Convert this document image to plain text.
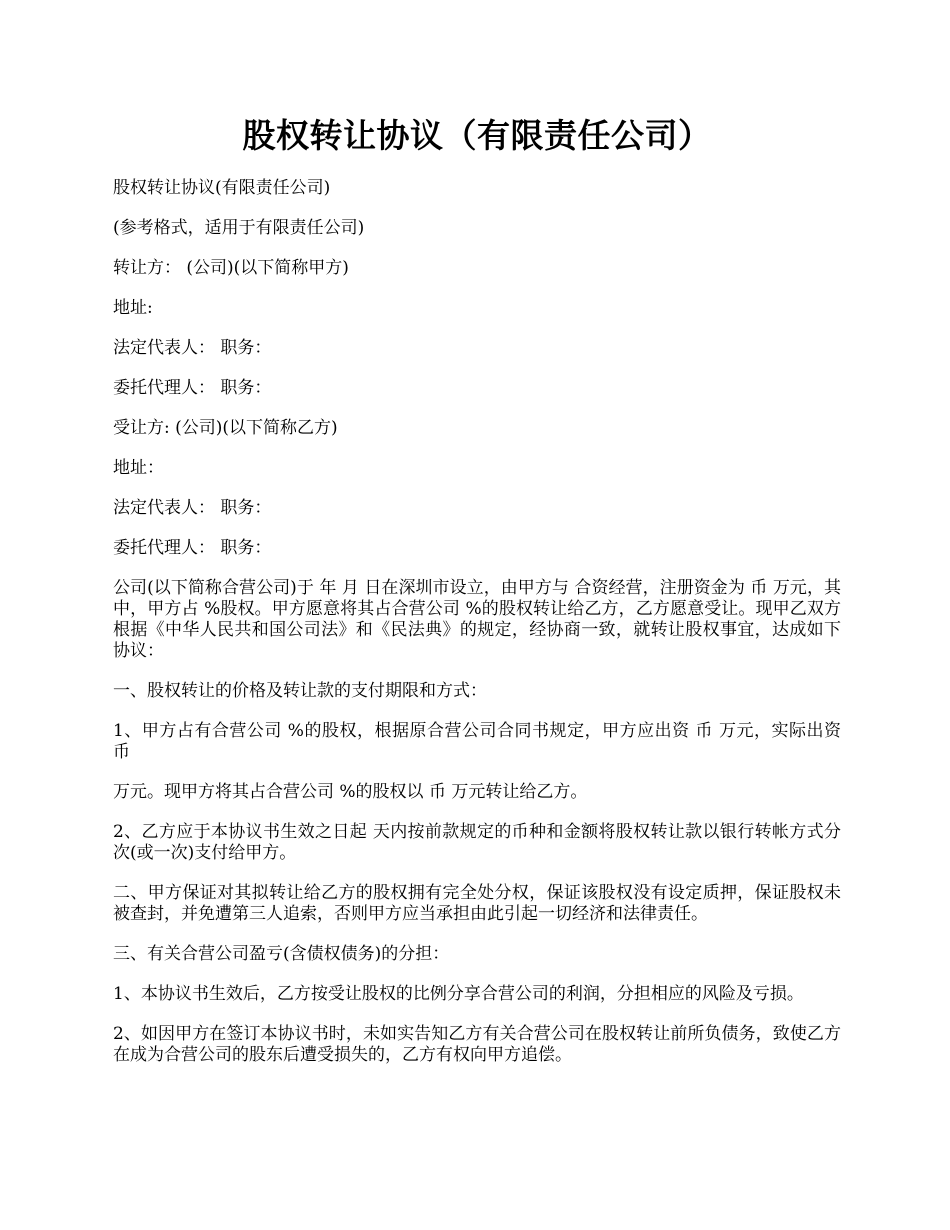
股权转让协议（有限责任公司）

股权转让协议(有限责任公司)

(参考格式，适用于有限责任公司)

转让方： (公司)(以下简称甲方)

地址:

法定代表人： 职务：

委托代理人： 职务：

受让方: (公司)(以下简称乙方)

地址：

法定代表人： 职务：

委托代理人： 职务：

公司(以下简称合营公司)于 年 月 日在深圳市设立，由甲方与 合资经营，注册资金为 币 万元，其中，甲方占 %股权。甲方愿意将其占合营公司 %的股权转让给乙方，乙方愿意受让。现甲乙双方根据《中华人民共和国公司法》和《民法典》的规定，经协商一致，就转让股权事宜，达成如下协议：

一、股权转让的价格及转让款的支付期限和方式：

1、甲方占有合营公司 %的股权，根据原合营公司合同书规定，甲方应出资 币 万元，实际出资 币

万元。现甲方将其占合营公司 %的股权以 币 万元转让给乙方。

2、乙方应于本协议书生效之日起 天内按前款规定的币种和金额将股权转让款以银行转帐方式分 次(或一次)支付给甲方。

二、甲方保证对其拟转让给乙方的股权拥有完全处分权，保证该股权没有设定质押，保证股权未被查封，并免遭第三人追索，否则甲方应当承担由此引起一切经济和法律责任。

三、有关合营公司盈亏(含债权债务)的分担：

1、本协议书生效后，乙方按受让股权的比例分享合营公司的利润，分担相应的风险及亏损。

2、如因甲方在签订本协议书时，未如实告知乙方有关合营公司在股权转让前所负债务，致使乙方在成为合营公司的股东后遭受损失的，乙方有权向甲方追偿。
